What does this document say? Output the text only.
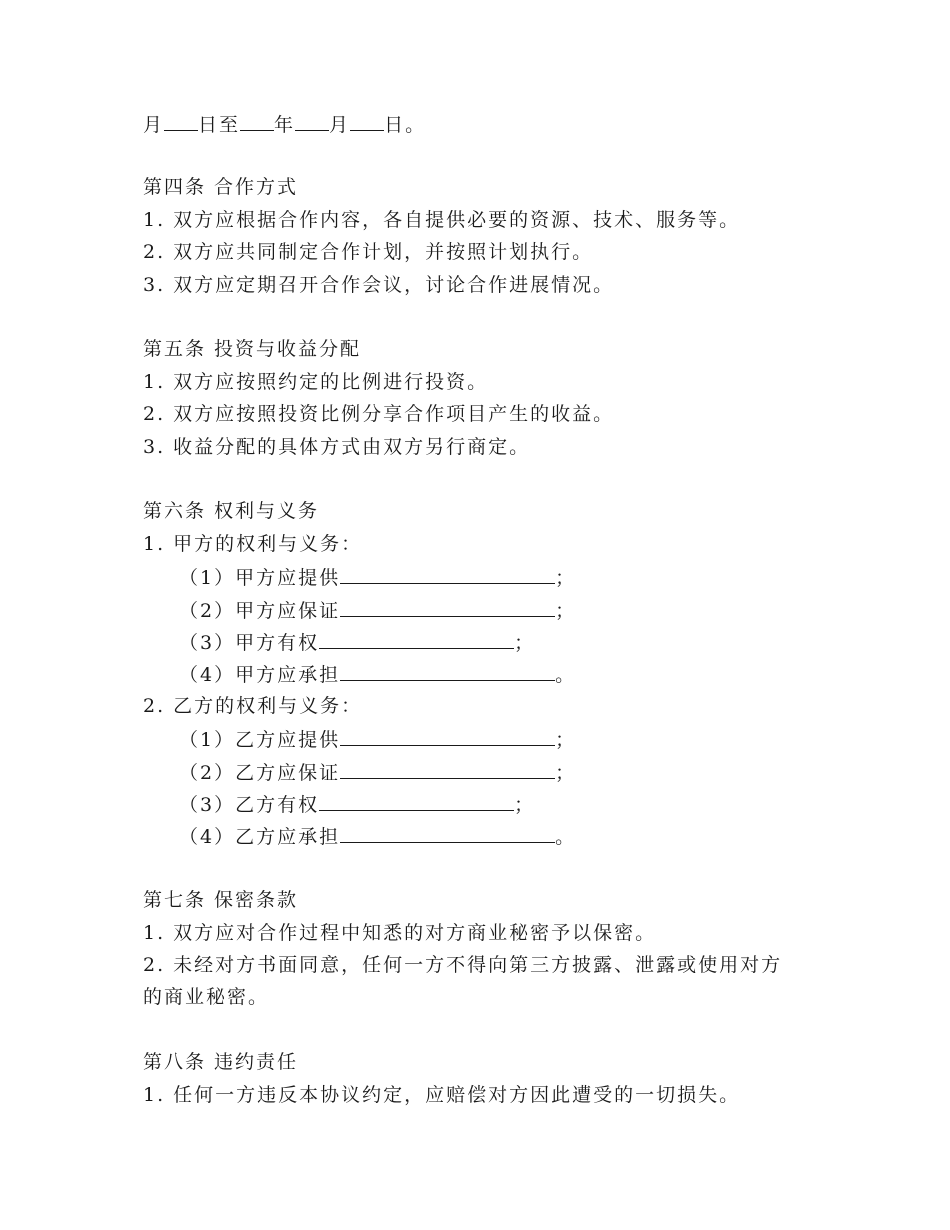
月 日至 年 月 日。
第四条 合作方式
1. 双方应根据合作内容，各自提供必要的资源、技术、服务等。
2. 双方应共同制定合作计划，并按照计划执行。
3. 双方应定期召开合作会议，讨论合作进展情况。
第五条 投资与收益分配
1. 双方应按照约定的比例进行投资。
2. 双方应按照投资比例分享合作项目产生的收益。
3. 收益分配的具体方式由双方另行商定。
第六条 权利与义务
1. 甲方的权利与义务：
（1）甲方应提供	；
（2）甲方应保证	；
（3）甲方有权	；
（4）甲方应承担	。
2. 乙方的权利与义务：
（1）乙方应提供	；
（2）乙方应保证	；
（3）乙方有权	；
（4）乙方应承担	。
第七条 保密条款
1. 双方应对合作过程中知悉的对方商业秘密予以保密。
2. 未经对方书面同意，任何一方不得向第三方披露、泄露或使用对方
的商业秘密。
第八条 违约责任
1. 任何一方违反本协议约定，应赔偿对方因此遭受的一切损失。
